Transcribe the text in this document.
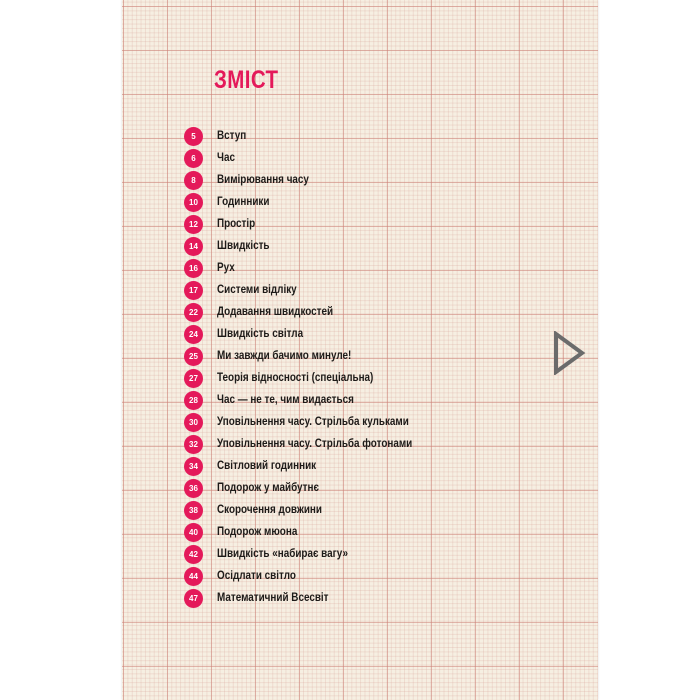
ЗМІСТ
5	Вступ
6	Час
8	Вимірювання часу
10	Годинники
12	Простір
14	Швидкість
16	Рух
17	Системи відліку
22	Додавання швидкостей
24	Швидкість світла
25	Ми завжди бачимо минуле!
27	Теорія відносності (спеціальна)
28	Час — не те, чим видається
30	Уповільнення часу. Стрільба кульками
32	Уповільнення часу. Стрільба фотонами
34	Світловий годинник
36	Подорож у майбутнє
38	Скорочення довжини
40	Подорож мюона
42	Швидкість «набирає вагу»
44	Осідлати світло
47	Математичний Всесвіт
